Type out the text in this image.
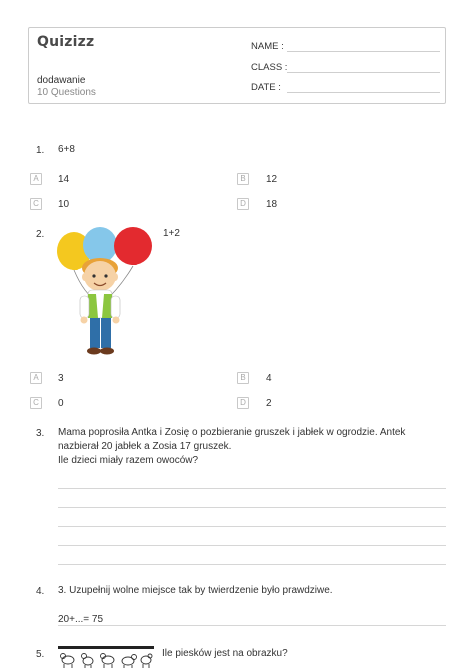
Quizizz
dodawanie
10 Questions
NAME :
CLASS :
DATE :
1. 6+8
A	14	B	12
C	10	D	18
2.	1+2
A	3	B	4
C	0	D	2
3. Mama poprosiła Antka i Zosię o pozbieranie gruszek i jabłek w ogrodzie. Antek
nazbierał 20 jabłek a Zosia 17 gruszek.
Ile dzieci miały razem owoców?
4. 3. Uzupełnij wolne miejsce tak by twierdzenie było prawdziwe.
20+...= 75
5.	Ile piesków jest na obrazku?
